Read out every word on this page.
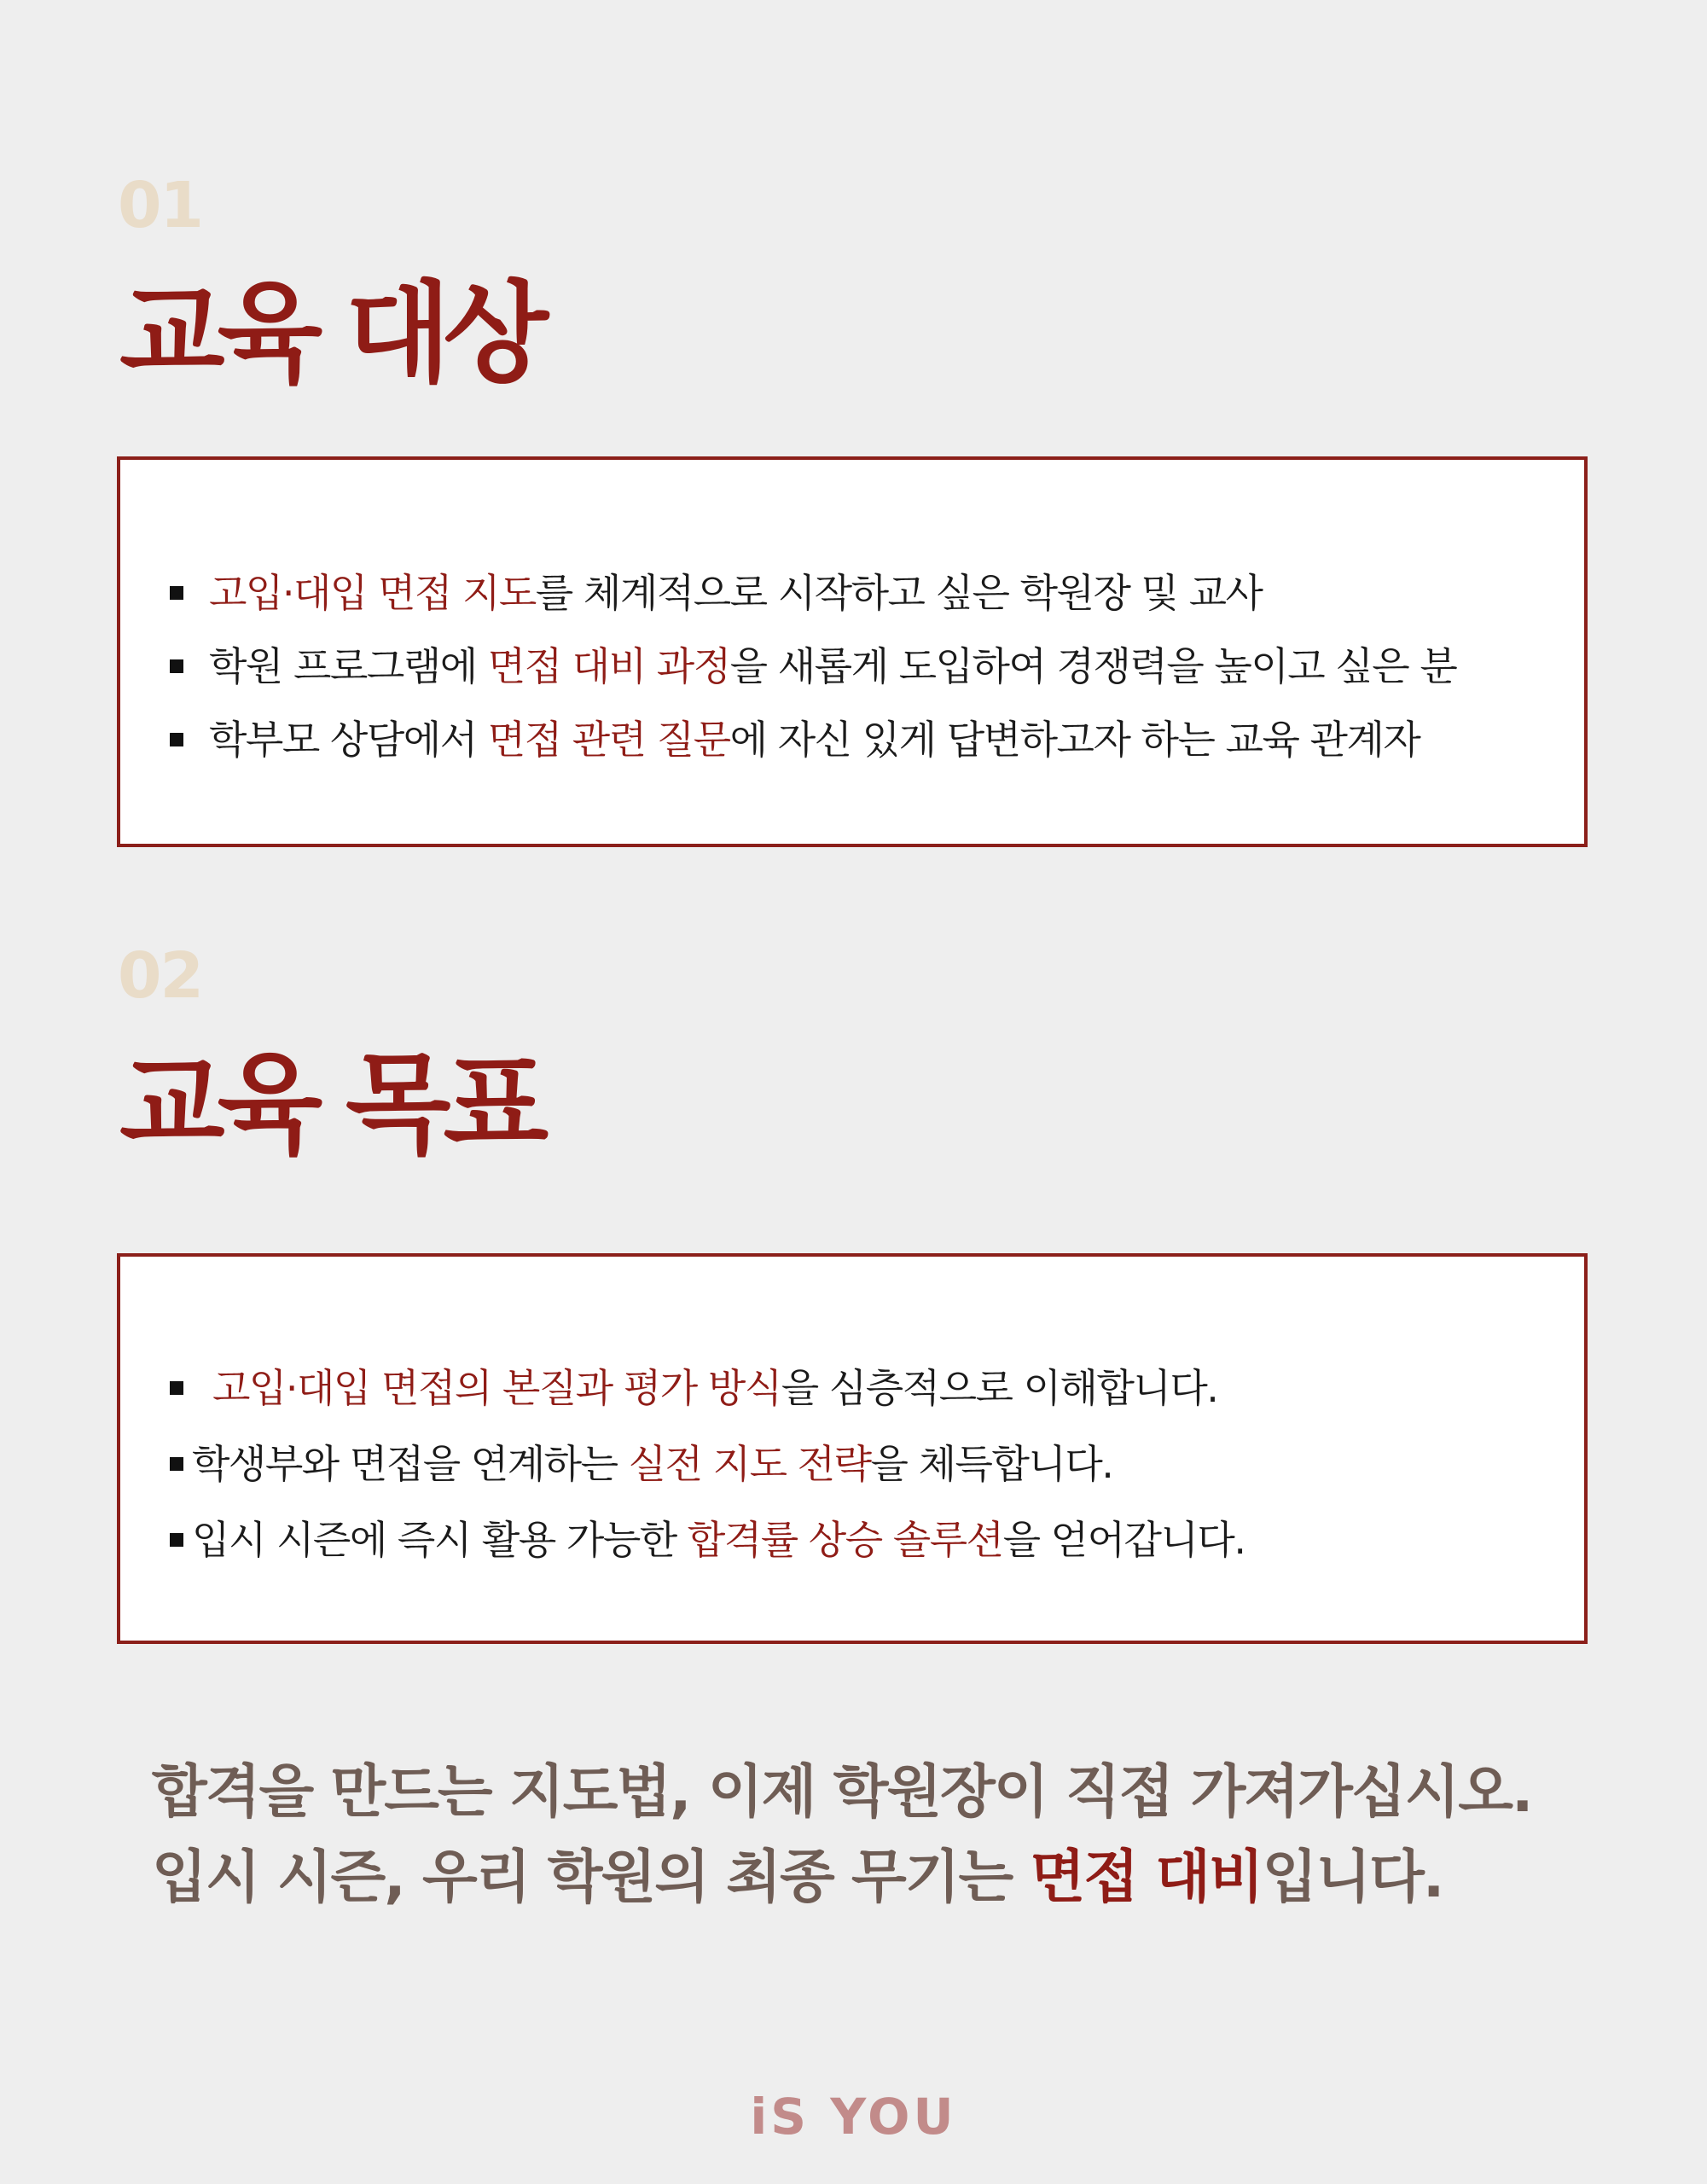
01
교육 대상
고입·대입 면접 지도 를 체계적으로 시작하고 싶은 학원장 및 교사
학원 프로그램에 면접 대비 과정 을 새롭게 도입하여 경쟁력을 높이고 싶은 분
학부모 상담에서 면접 관련 질문 에 자신 있게 답변하고자 하는 교육 관계자
02
교육 목표
고입·대입 면접의 본질과 평가 방식 을 심층적으로 이해합니다.
학생부와 면접을 연계하는 실전 지도 전략 을 체득합니다.
입시 시즌에 즉시 활용 가능한 합격률 상승 솔루션 을 얻어갑니다.
합격을 만드는 지도법, 이제 학원장이 직접 가져가십시오.
입시 시즌, 우리 학원의 최종 무기는 면접 대비입니다.
iS YOU
